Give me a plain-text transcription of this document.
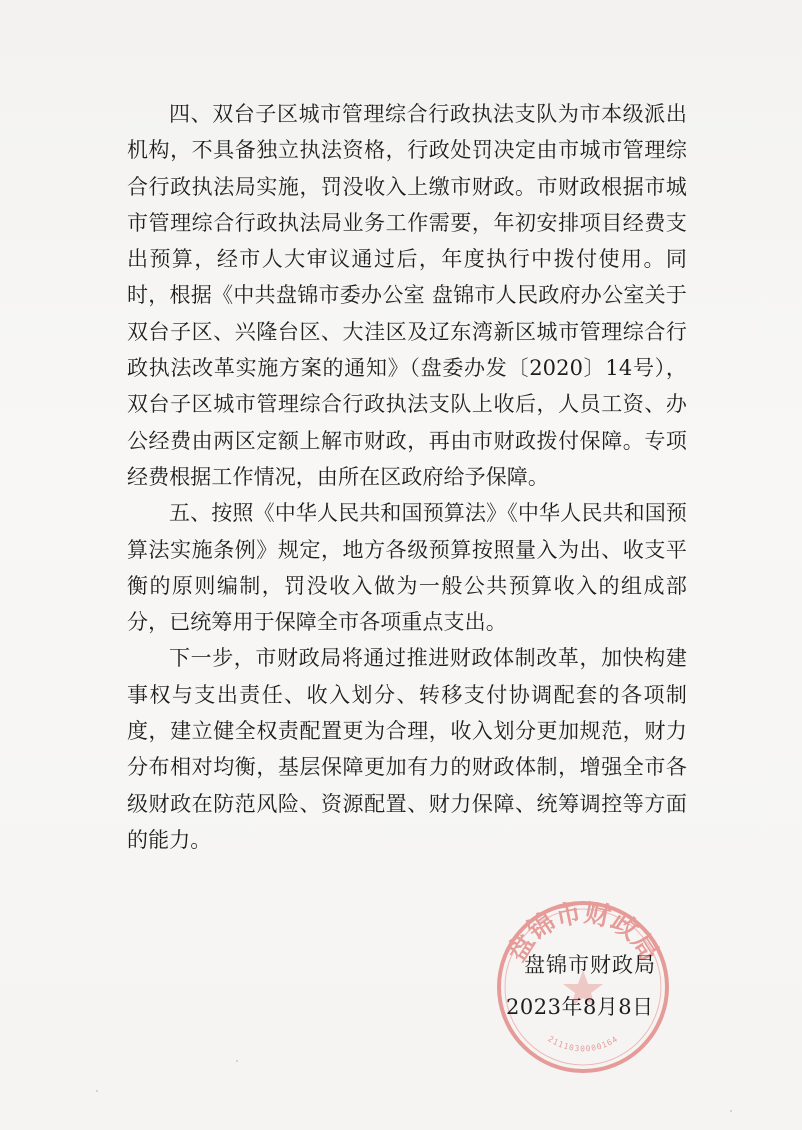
四、双台子区城市管理综合行政执法支队为市本级派出机构，不具备独立执法资格，行政处罚决定由市城市管理综合行政执法局实施，罚没收入上缴市财政。市财政根据市城市管理综合行政执法局业务工作需要，年初安排项目经费支出预算，经市人大审议通过后，年度执行中拨付使用。同时，根据《中共盘锦市委办公室 盘锦市人民政府办公室关于双台子区、兴隆台区、大洼区及辽东湾新区城市管理综合行政执法改革实施方案的通知》（盘委办发〔2020〕14号），双台子区城市管理综合行政执法支队上收后，人员工资、办公经费由两区定额上解市财政，再由市财政拨付保障。专项经费根据工作情况，由所在区政府给予保障。

五、按照《中华人民共和国预算法》《中华人民共和国预算法实施条例》规定，地方各级预算按照量入为出、收支平衡的原则编制，罚没收入做为一般公共预算收入的组成部分，已统筹用于保障全市各项重点支出。

下一步，市财政局将通过推进财政体制改革，加快构建事权与支出责任、收入划分、转移支付协调配套的各项制度，建立健全权责配置更为合理，收入划分更加规范，财力分布相对均衡，基层保障更加有力的财政体制，增强全市各级财政在防范风险、资源配置、财力保障、统筹调控等方面的能力。

盘锦市财政局
2111030000164
盘锦市财政局
2023年8月8日
